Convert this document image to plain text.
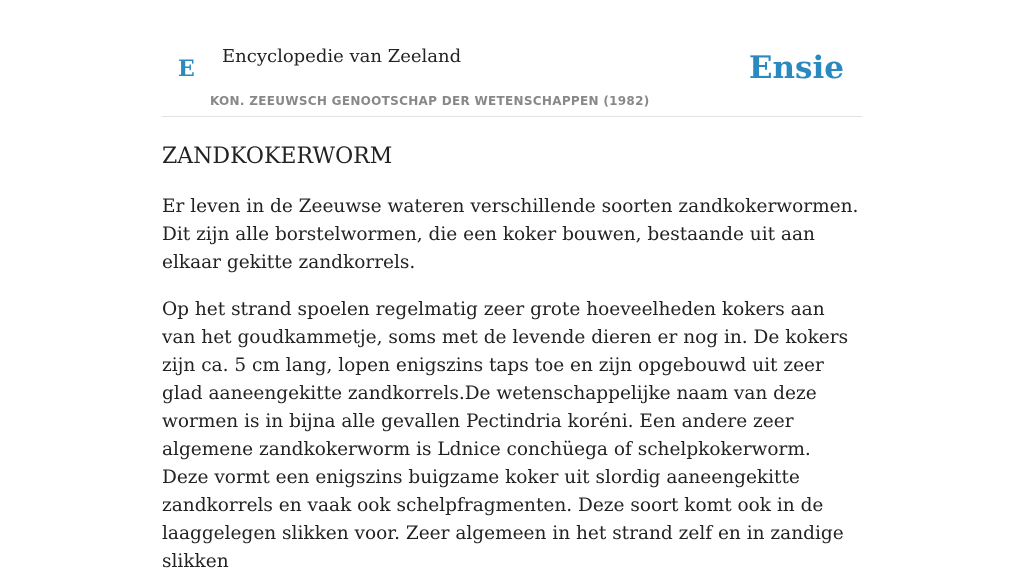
E Encyclopedie van Zeeland
KON. ZEEUWSCH GENOOTSCHAP DER WETENSCHAPPEN (1982)
Ensie
ZANDKOKERWORM

Er leven in de Zeeuwse wateren verschillende soorten zandkokerwormen. Dit zijn alle borstelwormen, die een koker bouwen, bestaande uit aan elkaar gekitte zandkorrels.

Op het strand spoelen regelmatig zeer grote hoeveelheden kokers aan van het goudkammetje, soms met de levende dieren er nog in. De kokers zijn ca. 5 cm lang, lopen enigszins taps toe en zijn opgebouwd uit zeer glad aaneengekitte zandkorrels.De wetenschappelijke naam van deze wormen is in bijna alle gevallen Pectindria koréni. Een andere zeer algemene zandkokerworm is Ldnice conchüega of schelpkokerworm. Deze vormt een enigszins buigzame koker uit slordig aaneengekitte zandkorrels en vaak ook schelpfragmenten. Deze soort komt ook in de laaggelegen slikken voor. Zeer algemeen in het strand zelf en in zandige slikken
